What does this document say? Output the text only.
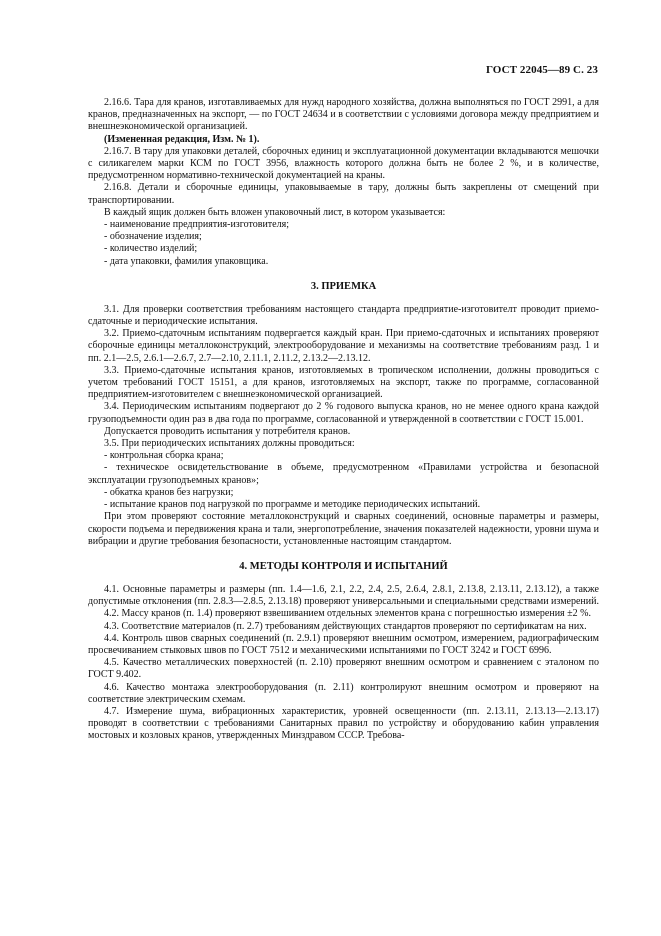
ГОСТ 22045—89 С. 23

2.16.6. Тара для кранов, изготавливаемых для нужд народного хозяйства, должна выполняться по ГОСТ 2991, а для кранов, предназначенных на экспорт, — по ГОСТ 24634 и в соответствии с условиями договора между предприятием и внешнеэкономической организацией.

(Измененная редакция, Изм. № 1).

2.16.7. В тару для упаковки деталей, сборочных единиц и эксплуатационной документации вкладываются мешочки с силикагелем марки КСМ по ГОСТ 3956, влажность которого должна быть не более 2 %, и в количестве, предусмотренном нормативно-технической документацией на краны.

2.16.8. Детали и сборочные единицы, упаковываемые в тару, должны быть закреплены от смещений при транспортировании.

В каждый ящик должен быть вложен упаковочный лист, в котором указывается:

- наименование предприятия-изготовителя;

- обозначение изделия;

- количество изделий;

- дата упаковки, фамилия упаковщика.

3. ПРИЕМКА

3.1. Для проверки соответствия требованиям настоящего стандарта предприятие-изготовителт проводит приемо-сдаточные и периодические испытания.

3.2. Приемо-сдаточным испытаниям подвергается каждый кран. При приемо-сдаточных и испытаниях проверяют сборочные единицы металлоконструкций, электрооборудование и механизмы на соответствие требованиям разд. 1 и пп. 2.1—2.5, 2.6.1—2.6.7, 2.7—2.10, 2.11.1, 2.11.2, 2.13.2—2.13.12.

3.3. Приемо-сдаточные испытания кранов, изготовляемых в тропическом исполнении, должны проводиться с учетом требований ГОСТ 15151, а для кранов, изготовляемых на экспорт, также по программе, согласованной предприятием-изготовителем с внешнеэкономической организацией.

3.4. Периодическим испытаниям подвергают до 2 % годового выпуска кранов, но не менее одного крана каждой грузоподъемности один раз в два года по программе, согласованной и утвержденной в соответствии с ГОСТ 15.001.

Допускается проводить испытания у потребителя кранов.

3.5. При периодических испытаниях должны проводиться:

- контрольная сборка крана;

- техническое освидетельствование в объеме, предусмотренном «Правилами устройства и безопасной эксплуатации грузоподъемных кранов»;

- обкатка кранов без нагрузки;

- испытание кранов под нагрузкой по программе и методике периодических испытаний.

При этом проверяют состояние металлоконструкций и сварных соединений, основные параметры и размеры, скорости подъема и передвижения крана и тали, энергопотребление, значения показателей надежности, уровни шума и вибрации и другие требования безопасности, установленные настоящим стандартом.

4. МЕТОДЫ КОНТРОЛЯ И ИСПЫТАНИЙ

4.1. Основные параметры и размеры (пп. 1.4—1.6, 2.1, 2.2, 2.4, 2.5, 2.6.4, 2.8.1, 2.13.8, 2.13.11, 2.13.12), а также допустимые отклонения (пп. 2.8.3—2.8.5, 2.13.18) проверяют универсальными и специальными средствами измерений.

4.2. Массу кранов (п. 1.4) проверяют взвешиванием отдельных элементов крана с погрешностью измерения ±2 %.

4.3. Соответствие материалов (п. 2.7) требованиям действующих стандартов проверяют по сертификатам на них.

4.4. Контроль швов сварных соединений (п. 2.9.1) проверяют внешним осмотром, измерением, радиографическим просвечиванием стыковых швов по ГОСТ 7512 и механическими испытаниями по ГОСТ 3242 и ГОСТ 6996.

4.5. Качество металлических поверхностей (п. 2.10) проверяют внешним осмотром и сравнением с эталоном по ГОСТ 9.402.

4.6. Качество монтажа электрооборудования (п. 2.11) контролируют внешним осмотром и проверяют на соответствие электрическим схемам.

4.7. Измерение шума, вибрационных характеристик, уровней освещенности (пп. 2.13.11, 2.13.13—2.13.17) проводят в соответствии с требованиями Санитарных правил по устройству и оборудованию кабин управления мостовых и козловых кранов, утвержденных Минздравом СССР. Требова-
